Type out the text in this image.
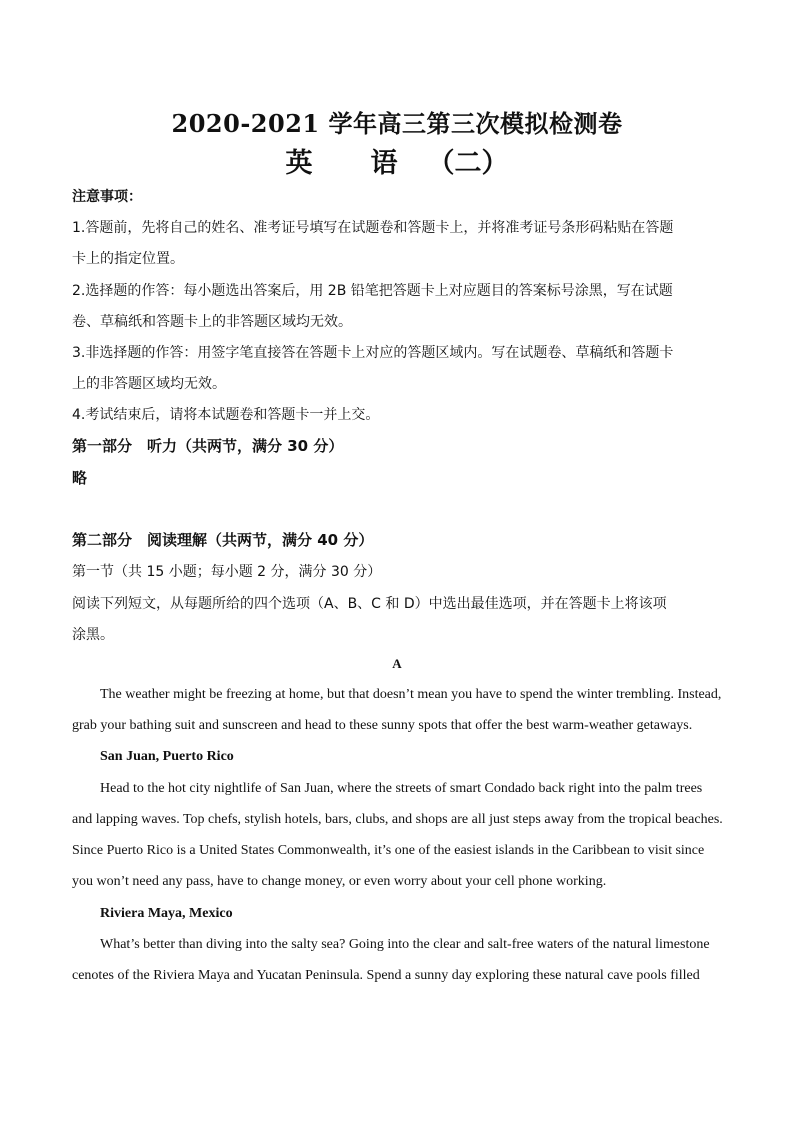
2020-2021 学年高三第三次模拟检测卷
英 语 （二）
注意事项：
1.答题前，先将自己的姓名、准考证号填写在试题卷和答题卡上，并将准考证号条形码粘贴在答题
卡上的指定位置。
2.选择题的作答：每小题选出答案后，用 2B 铅笔把答题卡上对应题目的答案标号涂黑，写在试题
卷、草稿纸和答题卡上的非答题区域均无效。
3.非选择题的作答：用签字笔直接答在答题卡上对应的答题区域内。写在试题卷、草稿纸和答题卡
上的非答题区域均无效。
4.考试结束后，请将本试题卷和答题卡一并上交。
第一部分　听力（共两节，满分 30 分）
略
第二部分　阅读理解（共两节，满分 40 分）
第一节（共 15 小题；每小题 2 分，满分 30 分）
阅读下列短文，从每题所给的四个选项（A、B、C 和 D）中选出最佳选项，并在答题卡上将该项
涂黑。
A
The weather might be freezing at home, but that doesn’t mean you have to spend the winter trembling. Instead,
grab your bathing suit and sunscreen and head to these sunny spots that offer the best warm-weather getaways.
San Juan, Puerto Rico
Head to the hot city nightlife of San Juan, where the streets of smart Condado back right into the palm trees
and lapping waves. Top chefs, stylish hotels, bars, clubs, and shops are all just steps away from the tropical beaches.
Since Puerto Rico is a United States Commonwealth, it’s one of the easiest islands in the Caribbean to visit since
you won’t need any pass, have to change money, or even worry about your cell phone working.
Riviera Maya, Mexico
What’s better than diving into the salty sea? Going into the clear and salt-free waters of the natural limestone
cenotes of the Riviera Maya and Yucatan Peninsula. Spend a sunny day exploring these natural cave pools filled
